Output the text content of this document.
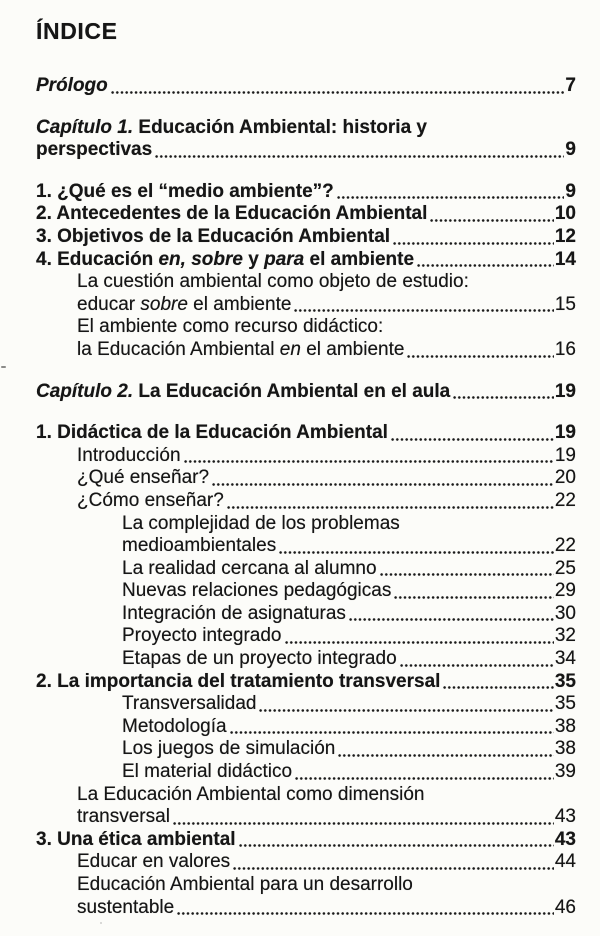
ÍNDICE
Prólogo	7
Capítulo 1. Educación Ambiental: historia y
perspectivas	9
1. ¿Qué es el “medio ambiente”?	9
2. Antecedentes de la Educación Ambiental	10
3. Objetivos de la Educación Ambiental	12
4. Educación en, sobre y para el ambiente	14
La cuestión ambiental como objeto de estudio:
educar sobre el ambiente	15
El ambiente como recurso didáctico:
la Educación Ambiental en el ambiente	16
Capítulo 2. La Educación Ambiental en el aula	19
1. Didáctica de la Educación Ambiental	19
Introducción	19
¿Qué enseñar?	20
¿Cómo enseñar?	22
La complejidad de los problemas
medioambientales	22
La realidad cercana al alumno	25
Nuevas relaciones pedagógicas	29
Integración de asignaturas	30
Proyecto integrado	32
Etapas de un proyecto integrado	34
2. La importancia del tratamiento transversal	35
Transversalidad	35
Metodología	38
Los juegos de simulación	38
El material didáctico	39
La Educación Ambiental como dimensión
transversal	43
3. Una ética ambiental	43
Educar en valores	44
Educación Ambiental para un desarrollo
sustentable	46
